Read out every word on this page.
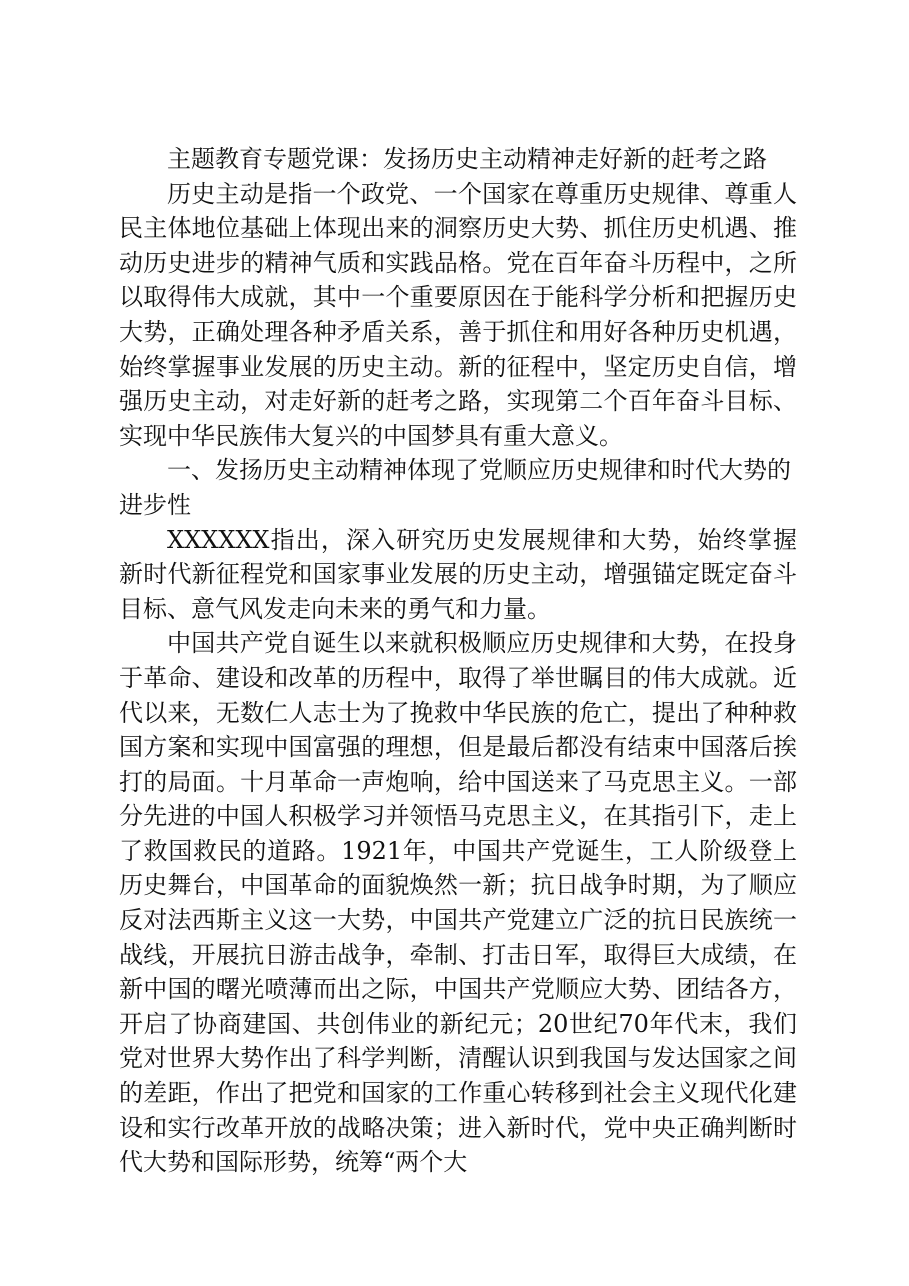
主题教育专题党课：发扬历史主动精神走好新的赶考之路

历史主动是指一个政党、一个国家在尊重历史规律、尊重人民主体地位基础上体现出来的洞察历史大势、抓住历史机遇、推动历史进步的精神气质和实践品格。党在百年奋斗历程中，之所以取得伟大成就，其中一个重要原因在于能科学分析和把握历史大势，正确处理各种矛盾关系，善于抓住和用好各种历史机遇，始终掌握事业发展的历史主动。新的征程中，坚定历史自信，增强历史主动，对走好新的赶考之路，实现第二个百年奋斗目标、实现中华民族伟大复兴的中国梦具有重大意义。

一、发扬历史主动精神体现了党顺应历史规律和时代大势的进步性

XXXXXX指出，深入研究历史发展规律和大势，始终掌握新时代新征程党和国家事业发展的历史主动，增强锚定既定奋斗目标、意气风发走向未来的勇气和力量。

中国共产党自诞生以来就积极顺应历史规律和大势，在投身于革命、建设和改革的历程中，取得了举世瞩目的伟大成就。近代以来，无数仁人志士为了挽救中华民族的危亡，提出了种种救国方案和实现中国富强的理想，但是最后都没有结束中国落后挨打的局面。十月革命一声炮响，给中国送来了马克思主义。一部分先进的中国人积极学习并领悟马克思主义，在其指引下，走上了救国救民的道路。1921年，中国共产党诞生，工人阶级登上历史舞台，中国革命的面貌焕然一新；抗日战争时期，为了顺应反对法西斯主义这一大势，中国共产党建立广泛的抗日民族统一战线，开展抗日游击战争，牵制、打击日军，取得巨大成绩，在新中国的曙光喷薄而出之际，中国共产党顺应大势、团结各方，开启了协商建国、共创伟业的新纪元；20世纪70年代末，我们党对世界大势作出了科学判断，清醒认识到我国与发达国家之间的差距，作出了把党和国家的工作重心转移到社会主义现代化建设和实行改革开放的战略决策；进入新时代，党中央正确判断时代大势和国际形势，统筹“两个大
